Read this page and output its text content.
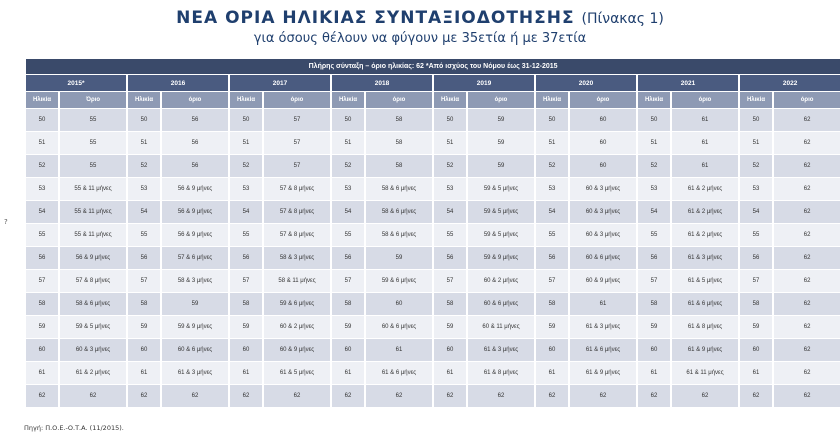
ΝΕΑ ΟΡΙΑ ΗΛΙΚΙΑΣ ΣΥΝΤΑΞΙΟΔΟΤΗΣΗΣ (Πίνακας 1)
για όσους θέλουν να φύγουν με 35ετία ή με 37ετία
?
Πλήρης σύνταξη – όριο ηλικίας: 62 *Από ισχύος του Νόμου έως 31-12-2015															
2015*		2016		2017		2018		2019		2020		2021		2022	
Ηλικία	Όριο	Ηλικία	όριο	Ηλικία	όριο	Ηλικία	όριο	Ηλικία	όριο	Ηλικία	όριο	Ηλικία	όριο	Ηλικία	όριο
50	55	50	56	50	57	50	58	50	59	50	60	50	61	50	62
51	55	51	56	51	57	51	58	51	59	51	60	51	61	51	62
52	55	52	56	52	57	52	58	52	59	52	60	52	61	52	62
53	55 & 11 μήνες	53	56 & 9 μήνες	53	57 & 8 μήνες	53	58 & 6 μήνες	53	59 & 5 μήνες	53	60 & 3 μήνες	53	61 & 2 μήνες	53	62
54	55 & 11 μήνες	54	56 & 9 μήνες	54	57 & 8 μήνες	54	58 & 6 μήνες	54	59 & 5 μήνες	54	60 & 3 μήνες	54	61 & 2 μήνες	54	62
55	55 & 11 μήνες	55	56 & 9 μήνες	55	57 & 8 μήνες	55	58 & 6 μήνες	55	59 & 5 μήνες	55	60 & 3 μήνες	55	61 & 2 μήνες	55	62
56	56 & 9 μήνες	56	57 & 6 μήνες	56	58 & 3 μήνες	56	59	56	59 & 9 μήνες	56	60 & 6 μήνες	56	61 & 3 μήνες	56	62
57	57 & 8 μήνες	57	58 & 3 μήνες	57	58 & 11 μήνες	57	59 & 6 μήνες	57	60 & 2 μήνες	57	60 & 9 μήνες	57	61 & 5 μήνες	57	62
58	58 & 6 μήνες	58	59	58	59 & 6 μήνες	58	60	58	60 & 6 μήνες	58	61	58	61 & 6 μήνες	58	62
59	59 & 5 μήνες	59	59 & 9 μήνες	59	60 & 2 μήνες	59	60 & 6 μήνες	59	60 & 11 μήνες	59	61 & 3 μήνες	59	61 & 8 μήνες	59	62
60	60 & 3 μήνες	60	60 & 6 μήνες	60	60 & 9 μήνες	60	61	60	61 & 3 μήνες	60	61 & 6 μήνες	60	61 & 9 μήνες	60	62
61	61 & 2 μήνες	61	61 & 3 μήνες	61	61 & 5 μήνες	61	61 & 6 μήνες	61	61 & 8 μήνες	61	61 & 9 μήνες	61	61 & 11 μήνες	61	62
62	62	62	62	62	62	62	62	62	62	62	62	62	62	62	62
Πηγή: Π.Ο.Ε.-Ο.Τ.Α. (11/2015).
